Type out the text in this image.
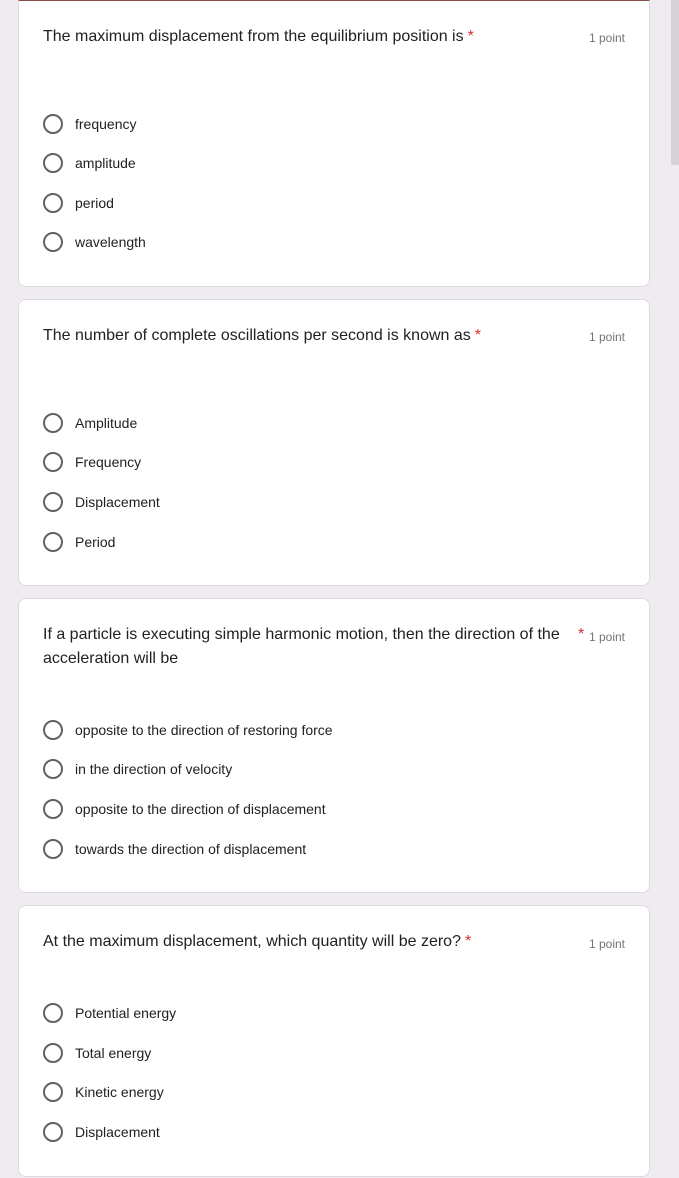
The maximum displacement from the equilibrium position is *	1 point
frequency
amplitude
period
wavelength
The number of complete oscillations per second is known as *	1 point
Amplitude
Frequency
Displacement
Period
If a particle is executing simple harmonic motion, then the direction of the
acceleration will be
* 1 point
opposite to the direction of restoring force
in the direction of velocity
opposite to the direction of displacement
towards the direction of displacement
At the maximum displacement, which quantity will be zero? *	1 point
Potential energy
Total energy
Kinetic energy
Displacement
